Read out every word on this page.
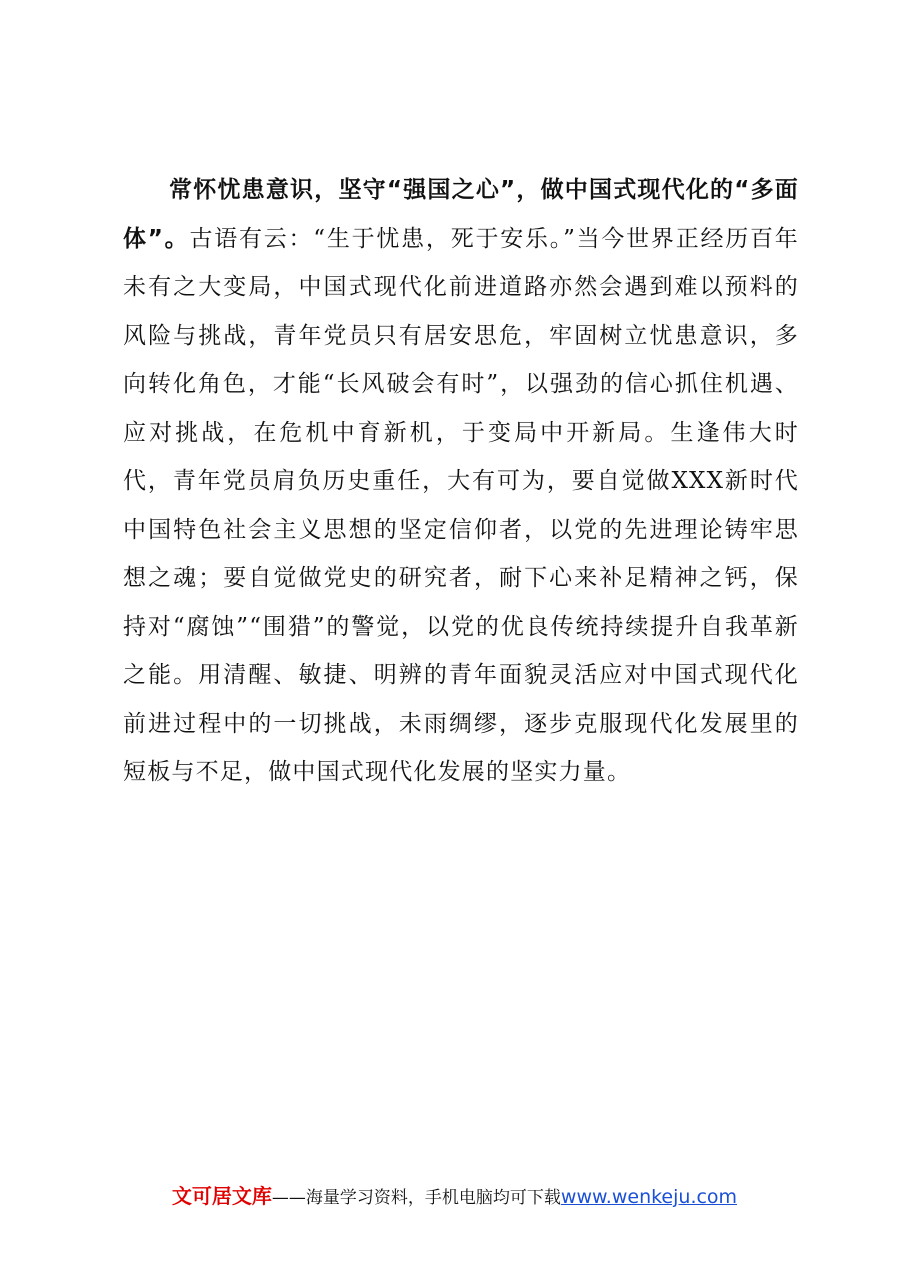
常怀忧患意识，坚守“强国之心”，做中国式现代化的“多面体”。古语有云：“生于忧患，死于安乐。”当今世界正经历百年未有之大变局，中国式现代化前进道路亦然会遇到难以预料的风险与挑战，青年党员只有居安思危，牢固树立忧患意识，多向转化角色，才能“长风破会有时”，以强劲的信心抓住机遇、应对挑战，在危机中育新机，于变局中开新局。生逢伟大时代，青年党员肩负历史重任，大有可为，要自觉做XXX新时代中国特色社会主义思想的坚定信仰者，以党的先进理论铸牢思想之魂；要自觉做党史的研究者，耐下心来补足精神之钙，保持对“腐蚀”“围猎”的警觉，以党的优良传统持续提升自我革新之能。用清醒、敏捷、明辨的青年面貌灵活应对中国式现代化前进过程中的一切挑战，未雨绸缪，逐步克服现代化发展里的短板与不足，做中国式现代化发展的坚实力量。

文可居文库——海量学习资料，手机电脑均可下载www.wenkeju.com
